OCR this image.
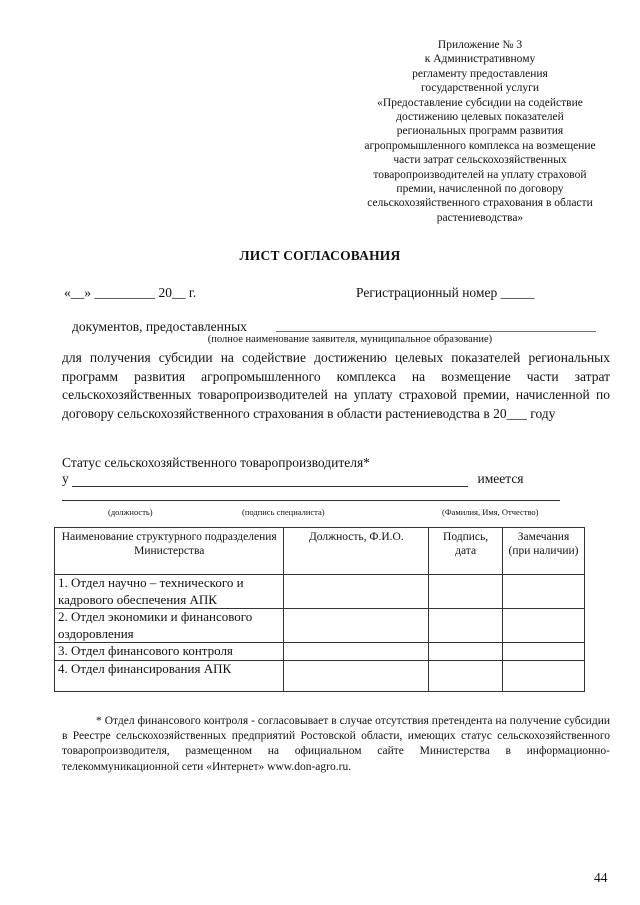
Приложение № 3
к Административному
регламенту предоставления
государственной услуги
«Предоставление субсидии на содействие
достижению целевых показателей
региональных программ развития
агропромышленного комплекса на возмещение
части затрат сельскохозяйственных
товаропроизводителей на уплату страховой
премии, начисленной по договору
сельскохозяйственного страхования в области
растениеводства»
ЛИСТ СОГЛАСОВАНИЯ
«__» _________ 20__ г.	Регистрационный номер _____
документов, предоставленных
(полное наименование заявителя, муниципальное образование)
для получения субсидии на содействие достижению целевых показателей региональных программ развития агропромышленного комплекса на возмещение части затрат сельскохозяйственных товаропроизводителей на уплату страховой премии, начисленной по договору сельскохозяйственного страхования в области растениеводства в 20___ году
Статус сельскохозяйственного товаропроизводителя*
у	имеется
(должность)	(подпись специалиста)	(Фамилия, Имя, Отчество)
Наименование структурного подразделения Министерства	Должность, Ф.И.О.	Подпись, дата	Замечания (при наличии)
1. Отдел научно – технического и кадрового обеспечения АПК			
2. Отдел экономики и финансового оздоровления			
3. Отдел финансового контроля			
4. Отдел финансирования АПК			
* Отдел финансового контроля - согласовывает в случае отсутствия претендента на получение субсидии в Реестре сельскохозяйственных предприятий Ростовской области, имеющих статус сельскохозяйственного товаропроизводителя, размещенном на официальном сайте Министерства в информационно-телекоммуникационной сети «Интернет» www.don-agro.ru.
44
